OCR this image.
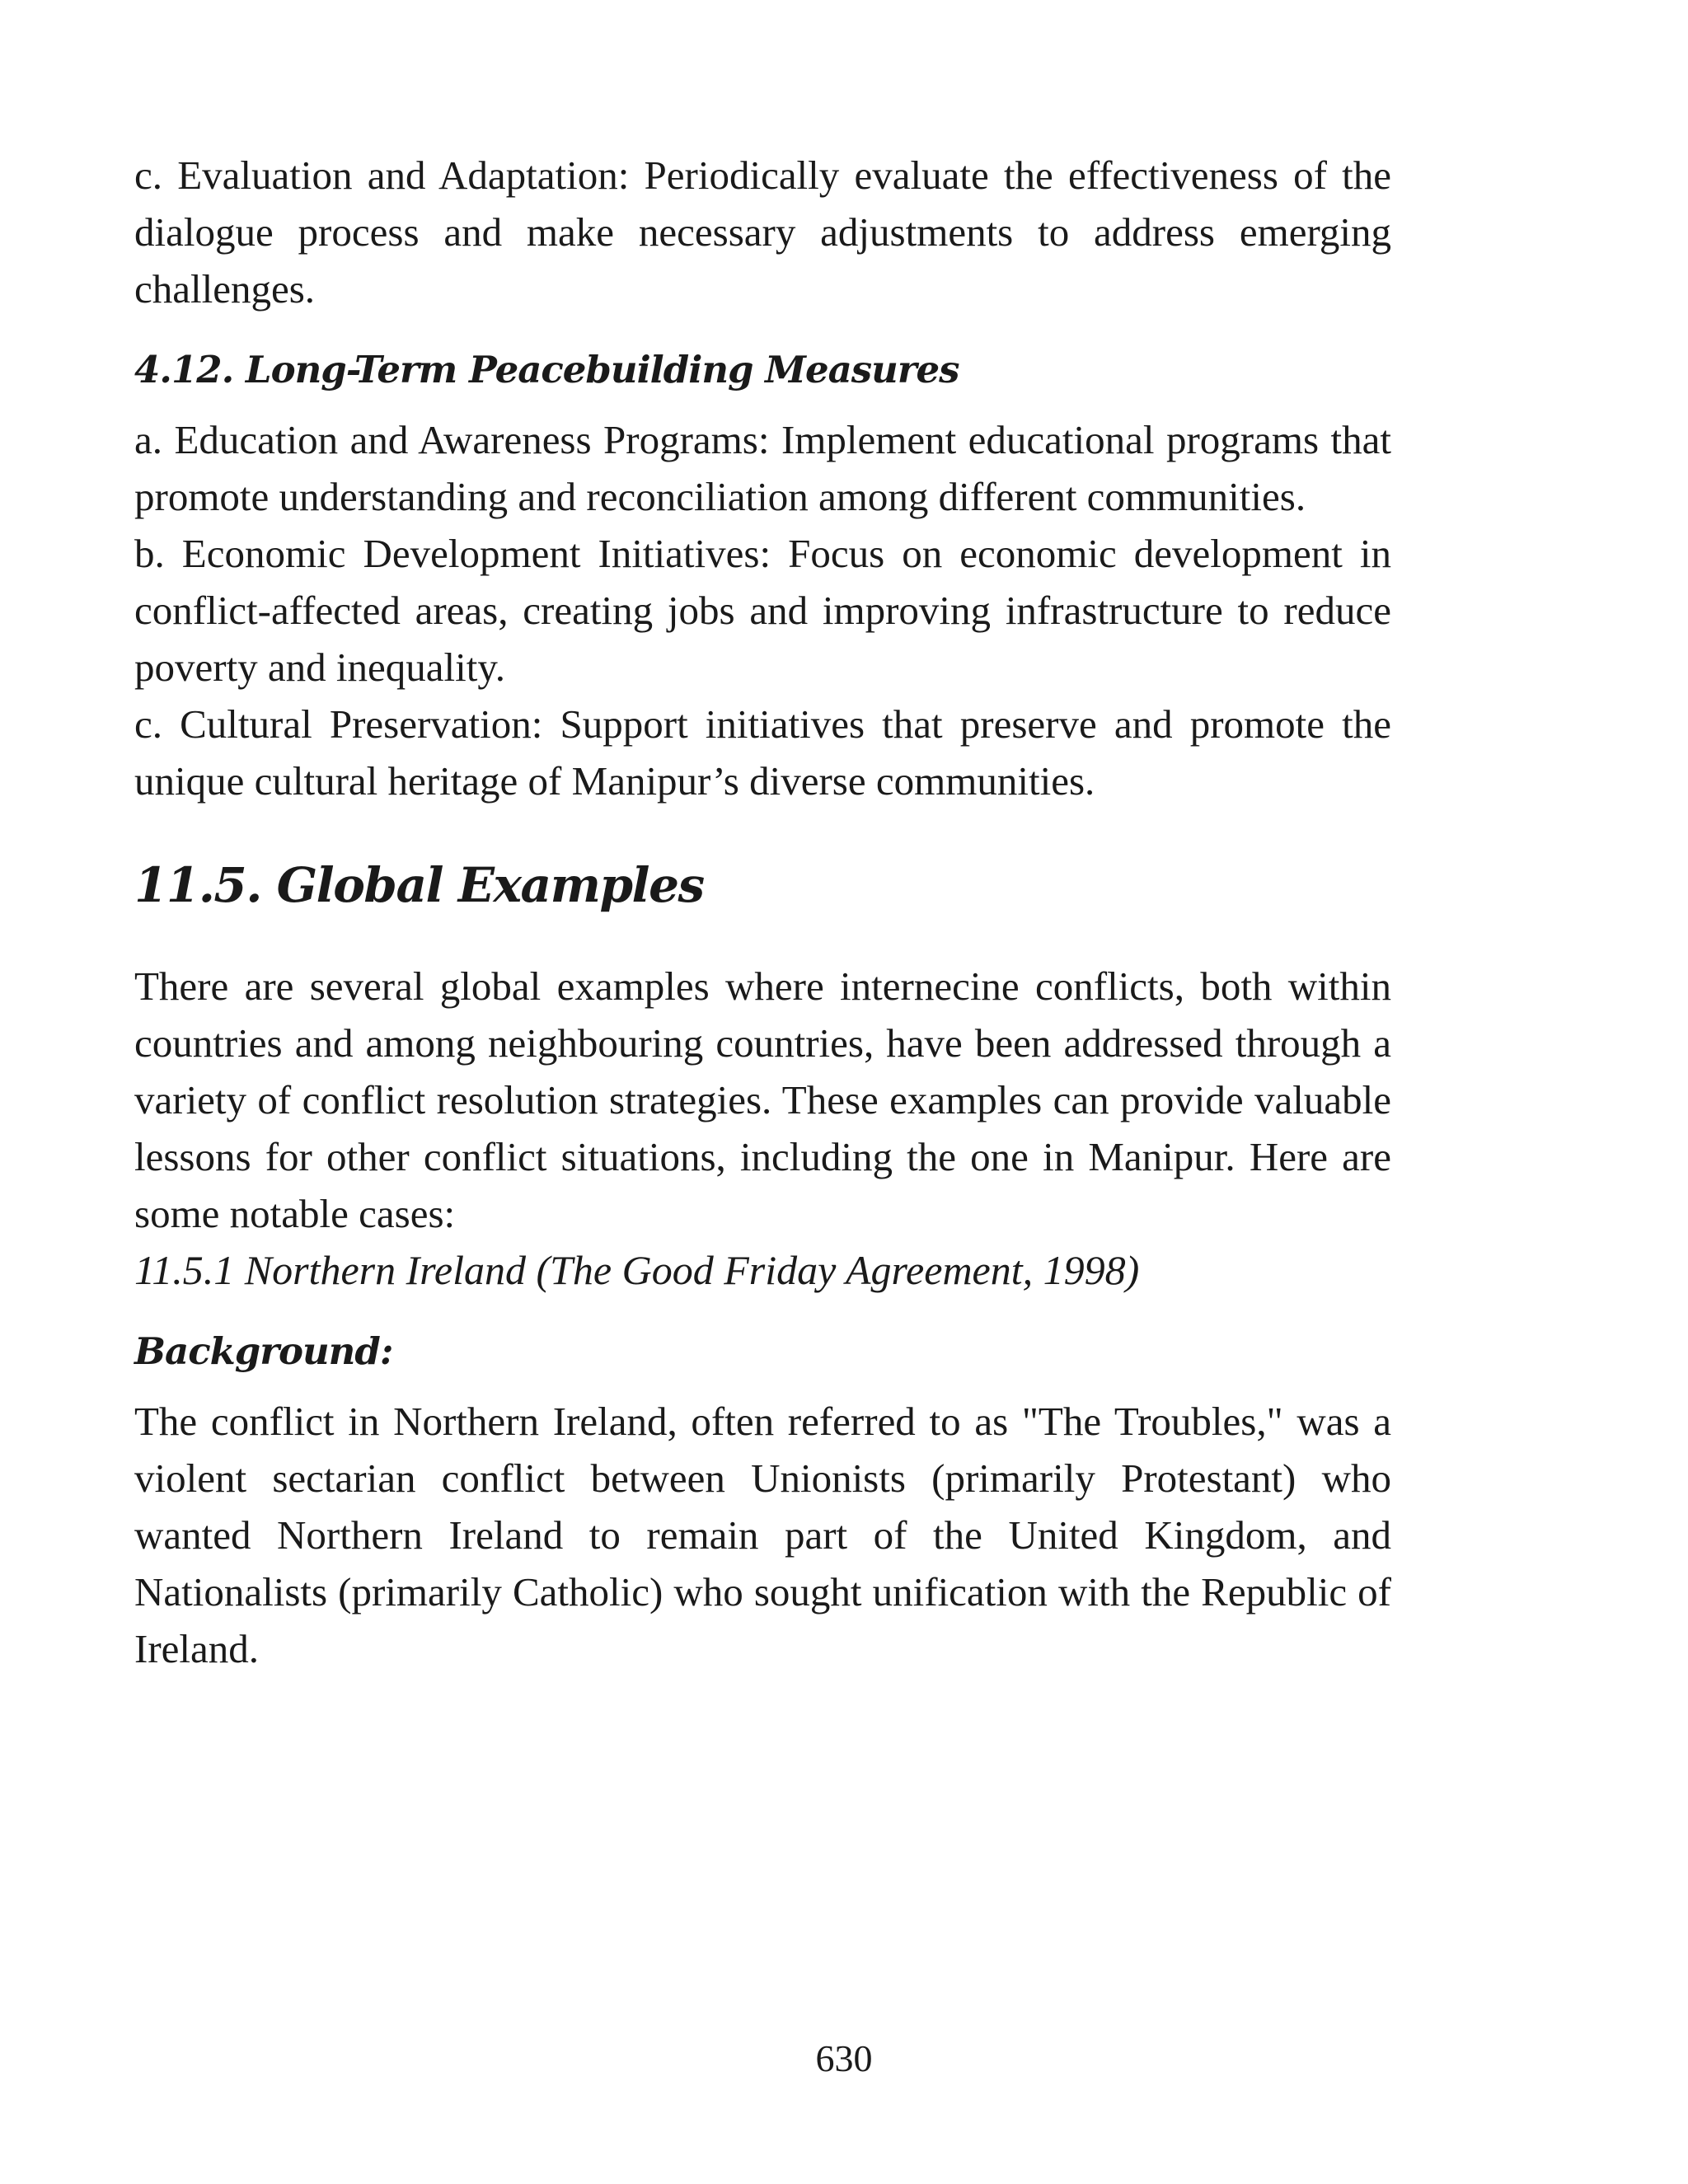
c. Evaluation and Adaptation: Periodically evaluate the effectiveness of the dialogue process and make necessary adjustments to address emerging challenges.

4.12. Long-Term Peacebuilding Measures

a. Education and Awareness Programs: Implement educational programs that promote understanding and reconciliation among different communities.

b. Economic Development Initiatives: Focus on economic development in conflict-affected areas, creating jobs and improving infrastructure to reduce poverty and inequality.

c. Cultural Preservation: Support initiatives that preserve and promote the unique cultural heritage of Manipur’s diverse communities.

11.5. Global Examples

There are several global examples where internecine conflicts, both within countries and among neighbouring countries, have been addressed through a variety of conflict resolution strategies. These examples can provide valuable lessons for other conflict situations, including the one in Manipur. Here are some notable cases:

11.5.1 Northern Ireland (The Good Friday Agreement, 1998)

Background:

The conflict in Northern Ireland, often referred to as "The Troubles," was a violent sectarian conflict between Unionists (primarily Protestant) who wanted Northern Ireland to remain part of the United Kingdom, and Nationalists (primarily Catholic) who sought unification with the Republic of Ireland.

630
